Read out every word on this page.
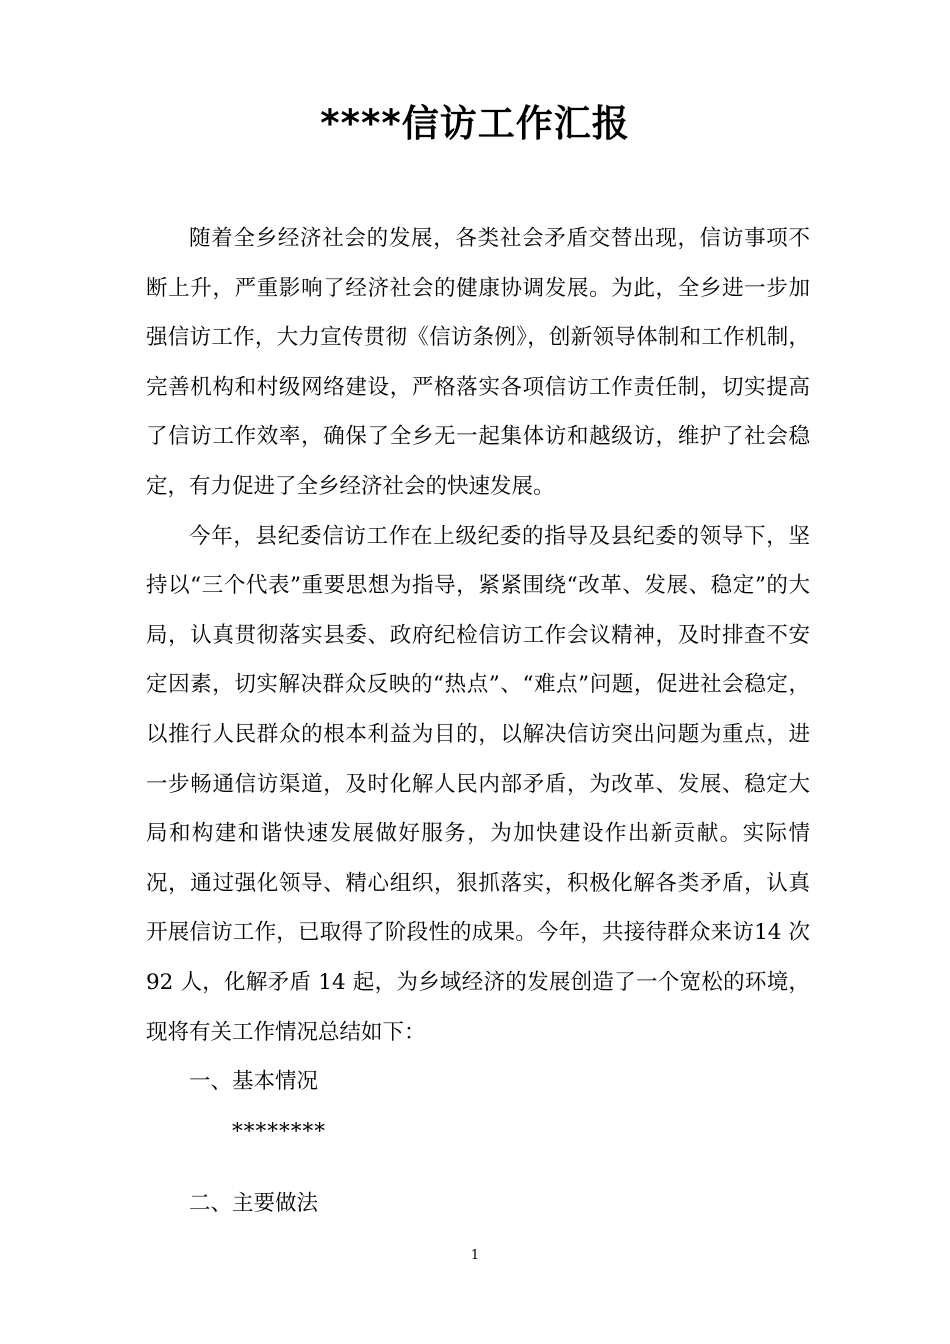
****信访工作汇报

随着全乡经济社会的发展，各类社会矛盾交替出现，信访事项不断上升，严重影响了经济社会的健康协调发展。为此，全乡进一步加强信访工作，大力宣传贯彻《信访条例》，创新领导体制和工作机制，完善机构和村级网络建设，严格落实各项信访工作责任制，切实提高了信访工作效率，确保了全乡无一起集体访和越级访，维护了社会稳定，有力促进了全乡经济社会的快速发展。

今年，县纪委信访工作在上级纪委的指导及县纪委的领导下，坚持以“三个代表”重要思想为指导，紧紧围绕“改革、发展、稳定”的大局，认真贯彻落实县委、政府纪检信访工作会议精神，及时排查不安定因素，切实解决群众反映的“热点”、“难点”问题，促进社会稳定，以推行人民群众的根本利益为目的，以解决信访突出问题为重点，进一步畅通信访渠道，及时化解人民内部矛盾，为改革、发展、稳定大局和构建和谐快速发展做好服务，为加快建设作出新贡献。实际情况，通过强化领导、精心组织，狠抓落实，积极化解各类矛盾，认真开展信访工作，已取得了阶段性的成果。今年，共接待群众来访14 次 92 人，化解矛盾 14 起，为乡域经济的发展创造了一个宽松的环境，现将有关工作情况总结如下：

一、基本情况
********
二、主要做法
1
